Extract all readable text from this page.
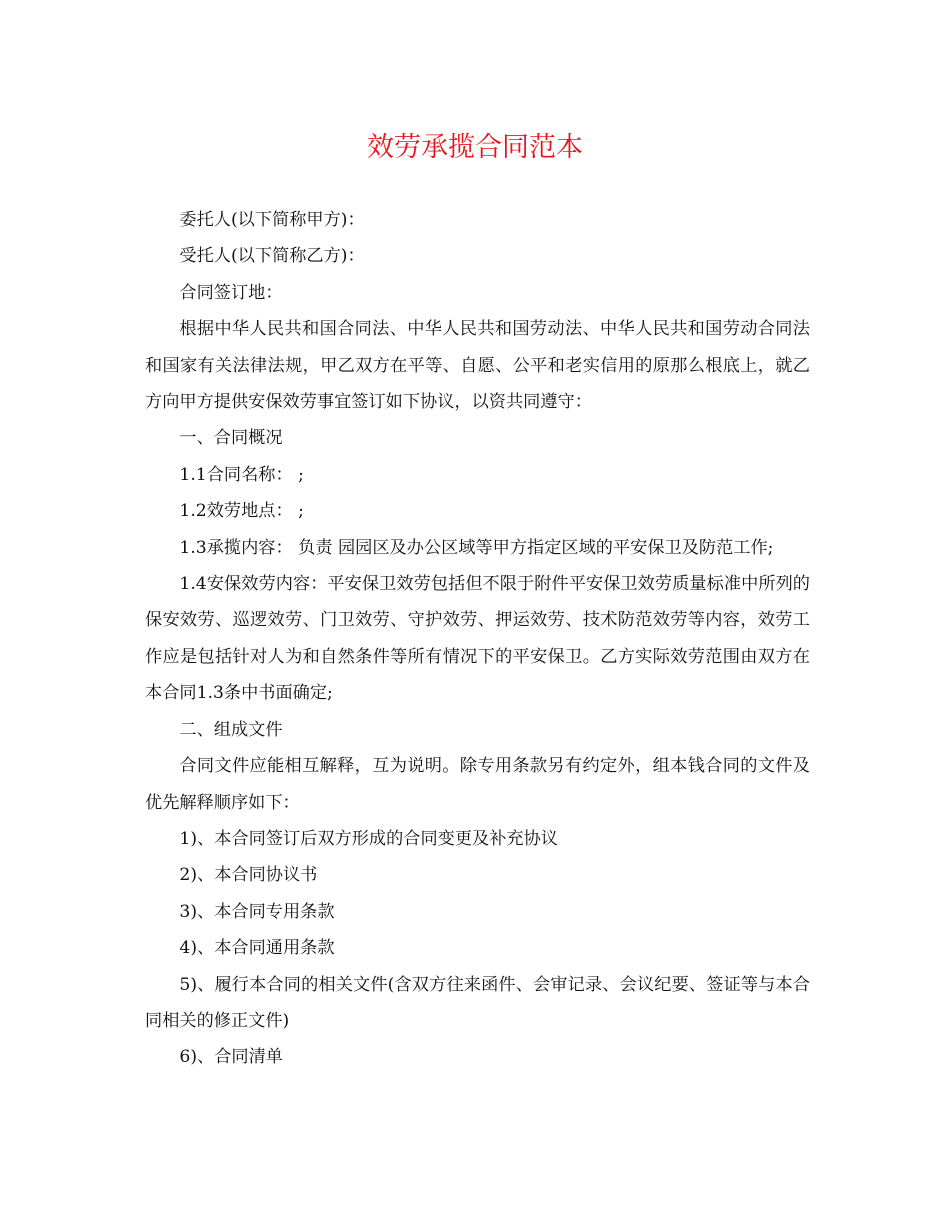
效劳承揽合同范本

委托人(以下简称甲方)：

受托人(以下简称乙方)：

合同签订地：

根据中华人民共和国合同法、中华人民共和国劳动法、中华人民共和国劳动合同法和国家有关法律法规，甲乙双方在平等、自愿、公平和老实信用的原那么根底上，就乙方向甲方提供安保效劳事宜签订如下协议，以资共同遵守：

一、合同概况

1.1合同名称： ;

1.2效劳地点： ;

1.3承揽内容： 负责 园园区及办公区域等甲方指定区域的平安保卫及防范工作;

1.4安保效劳内容：平安保卫效劳包括但不限于附件平安保卫效劳质量标准中所列的保安效劳、巡逻效劳、门卫效劳、守护效劳、押运效劳、技术防范效劳等内容，效劳工作应是包括针对人为和自然条件等所有情况下的平安保卫。乙方实际效劳范围由双方在本合同1.3条中书面确定;

二、组成文件

合同文件应能相互解释，互为说明。除专用条款另有约定外，组本钱合同的文件及优先解释顺序如下：

1)、本合同签订后双方形成的合同变更及补充协议

2)、本合同协议书

3)、本合同专用条款

4)、本合同通用条款

5)、履行本合同的相关文件(含双方往来函件、会审记录、会议纪要、签证等与本合同相关的修正文件)

6)、合同清单
